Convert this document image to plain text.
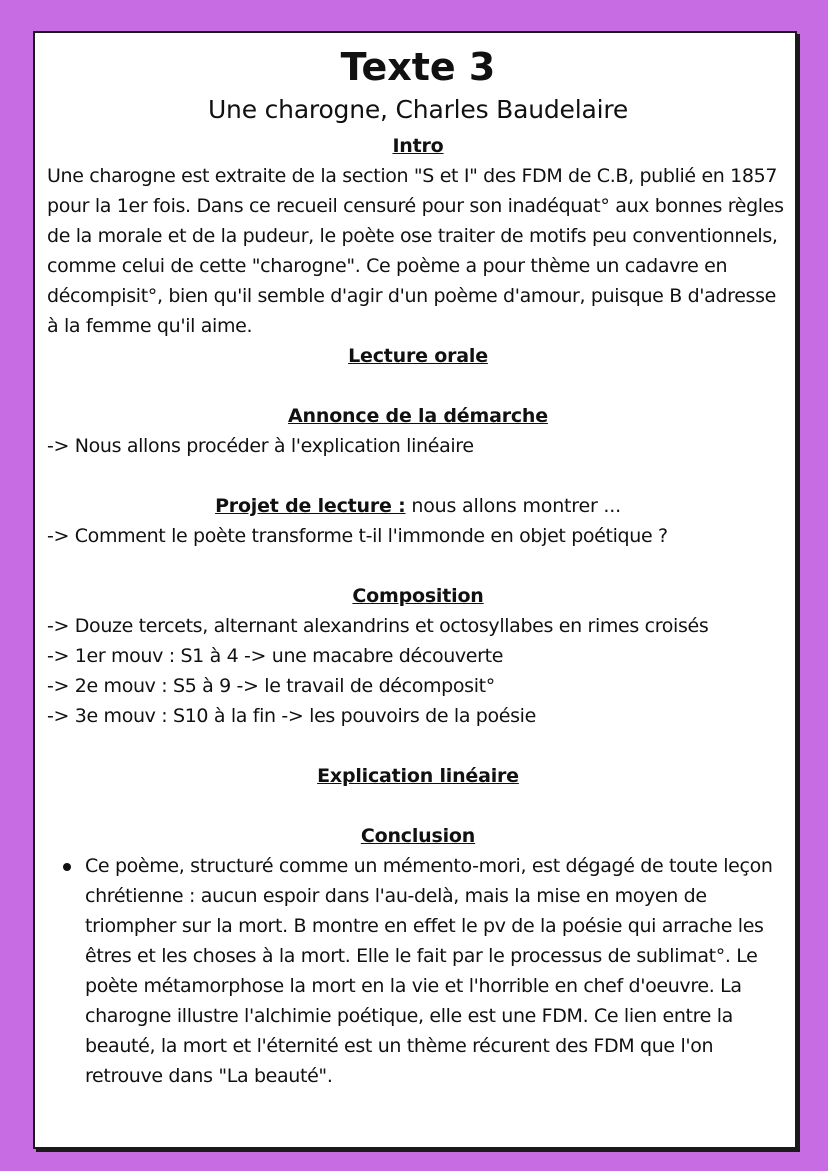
Texte 3

Une charogne, Charles Baudelaire

Intro

Une charogne est extraite de la section "S et I" des FDM de C.B, publié en 1857 pour la 1er fois. Dans ce recueil censuré pour son inadéquat° aux bonnes règles de la morale et de la pudeur, le poète ose traiter de motifs peu conventionnels, comme celui de cette "charogne". Ce poème a pour thème un cadavre en décompisit°, bien qu'il semble d'agir d'un poème d'amour, puisque B d'adresse à la femme qu'il aime.

Lecture orale

Annonce de la démarche

-> Nous allons procéder à l'explication linéaire

Projet de lecture : nous allons montrer ...

-> Comment le poète transforme t-il l'immonde en objet poétique ?

Composition

-> Douze tercets, alternant alexandrins et octosyllabes en rimes croisés

-> 1er mouv : S1 à 4 -> une macabre découverte

-> 2e mouv : S5 à 9 -> le travail de décomposit°

-> 3e mouv : S10 à la fin -> les pouvoirs de la poésie

Explication linéaire

Conclusion

Ce poème, structuré comme un mémento-mori, est dégagé de toute leçon chrétienne : aucun espoir dans l'au-delà, mais la mise en moyen de triompher sur la mort. B montre en effet le pv de la poésie qui arrache les êtres et les choses à la mort. Elle le fait par le processus de sublimat°. Le poète métamorphose la mort en la vie et l'horrible en chef d'oeuvre. La charogne illustre l'alchimie poétique, elle est une FDM. Ce lien entre la beauté, la mort et l'éternité est un thème récurent des FDM que l'on retrouve dans "La beauté".
